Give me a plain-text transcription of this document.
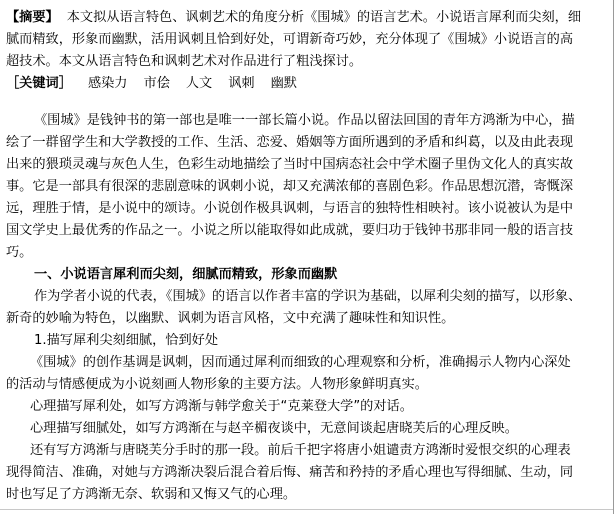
【摘要】 本文拟从语言特色、讽刺艺术的角度分析《围城》的语言艺术。小说语言犀利而尖刻，细
腻而精致，形象而幽默，活用讽刺且恰到好处，可谓新奇巧妙，充分体现了《围城》小说语言的高
超技术。本文从语言特色和讽刺艺术对作品进行了粗浅探讨。
［关键词］ 感染力 市侩 人文 讽刺 幽默
《围城》是钱钟书的第一部也是唯一一部长篇小说。作品以留法回国的青年方鸿渐为中心，描
绘了一群留学生和大学教授的工作、生活、恋爱、婚姻等方面所遇到的矛盾和纠葛，以及由此表现
出来的猥琐灵魂与灰色人生，色彩生动地描绘了当时中国病态社会中学术圈子里伪文化人的真实故
事。它是一部具有很深的悲剧意味的讽刺小说，却又充满浓郁的喜剧色彩。作品思想沉潜，寄慨深
远，理胜于情，是小说中的颂诗。小说创作极具讽刺，与语言的独特性相映衬。该小说被认为是中
国文学史上最优秀的作品之一。小说之所以能取得如此成就，要归功于钱钟书那非同一般的语言技
巧。
一、小说语言犀利而尖刻，细腻而精致，形象而幽默
作为学者小说的代表，《围城》的语言以作者丰富的学识为基础，以犀利尖刻的描写，以形象、
新奇的妙喻为特色，以幽默、讽刺为语言风格，文中充满了趣味性和知识性。
1.描写犀利尖刻细腻，恰到好处
《围城》的创作基调是讽刺，因而通过犀利而细致的心理观察和分析，准确揭示人物内心深处
的活动与情感便成为小说刻画人物形象的主要方法。人物形象鲜明真实。
心理描写犀利处，如写方鸿渐与韩学愈关于“克莱登大学”的对话。
心理描写细腻处，如写方鸿渐在与赵辛楣夜谈中，无意间谈起唐晓芙后的心理反映。
还有写方鸿渐与唐晓芙分手时的那一段。前后千把字将唐小姐谴责方鸿渐时爱恨交织的心理表
现得简洁、准确，对她与方鸿渐决裂后混合着后悔、痛苦和矜持的矛盾心理也写得细腻、生动，同
时也写足了方鸿渐无奈、软弱和又悔又气的心理。
